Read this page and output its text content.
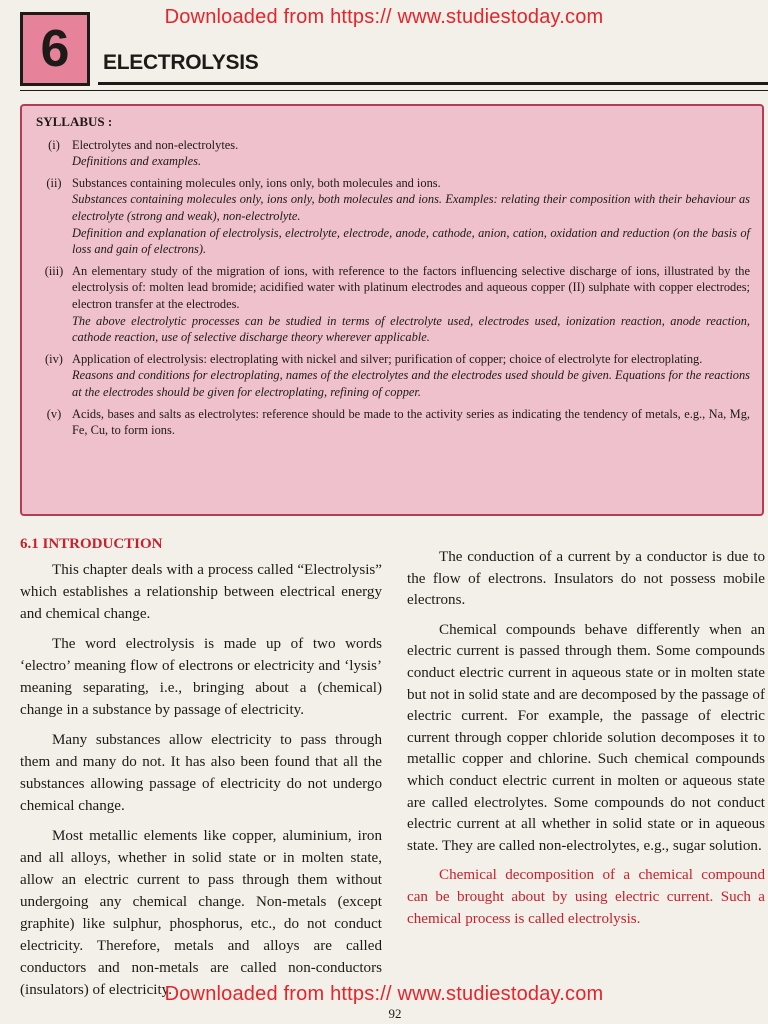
Downloaded from https:// www.studiestoday.com
6 ELECTROLYSIS
SYLLABUS :
(i) Electrolytes and non-electrolytes.
Definitions and examples.
(ii) Substances containing molecules only, ions only, both molecules and ions.
Substances containing molecules only, ions only, both molecules and ions. Examples: relating their composition with their behaviour as electrolyte (strong and weak), non-electrolyte.
Definition and explanation of electrolysis, electrolyte, electrode, anode, cathode, anion, cation, oxidation and reduction (on the basis of loss and gain of electrons).
(iii) An elementary study of the migration of ions, with reference to the factors influencing selective discharge of ions, illustrated by the electrolysis of: molten lead bromide; acidified water with platinum electrodes and aqueous copper (II) sulphate with copper electrodes; electron transfer at the electrodes.
The above electrolytic processes can be studied in terms of electrolyte used, electrodes used, ionization reaction, anode reaction, cathode reaction, use of selective discharge theory wherever applicable.
(iv) Application of electrolysis: electroplating with nickel and silver; purification of copper; choice of electrolyte for electroplating.
Reasons and conditions for electroplating, names of the electrolytes and the electrodes used should be given. Equations for the reactions at the electrodes should be given for electroplating, refining of copper.
(v) Acids, bases and salts as electrolytes: reference should be made to the activity series as indicating the tendency of metals, e.g., Na, Mg, Fe, Cu, to form ions.
6.1 INTRODUCTION

This chapter deals with a process called “Electrolysis” which establishes a relationship between electrical energy and chemical change.

The word electrolysis is made up of two words ‘electro’ meaning flow of electrons or electricity and ‘lysis’ meaning separating, i.e., bringing about a (chemical) change in a substance by passage of electricity.

Many substances allow electricity to pass through them and many do not. It has also been found that all the substances allowing passage of electricity do not undergo chemical change.

Most metallic elements like copper, aluminium, iron and all alloys, whether in solid state or in molten state, allow an electric current to pass through them without undergoing any chemical change. Non-metals (except graphite) like sulphur, phosphorus, etc., do not conduct electricity. Therefore, metals and alloys are called conductors and non-metals are called non-conductors (insulators) of electricity.

The conduction of a current by a conductor is due to the flow of electrons. Insulators do not possess mobile electrons.

Chemical compounds behave differently when an electric current is passed through them. Some compounds conduct electric current in aqueous state or in molten state but not in solid state and are decomposed by the passage of electric current. For example, the passage of electric current through copper chloride solution decomposes it to metallic copper and chlorine. Such chemical compounds which conduct electric current in molten or aqueous state are called electrolytes. Some compounds do not conduct electric current at all whether in solid state or in aqueous state. They are called non-electrolytes, e.g., sugar solution.

Chemical decomposition of a chemical compound can be brought about by using electric current. Such a chemical process is called electrolysis.

Downloaded from https:// www.studiestoday.com
92
